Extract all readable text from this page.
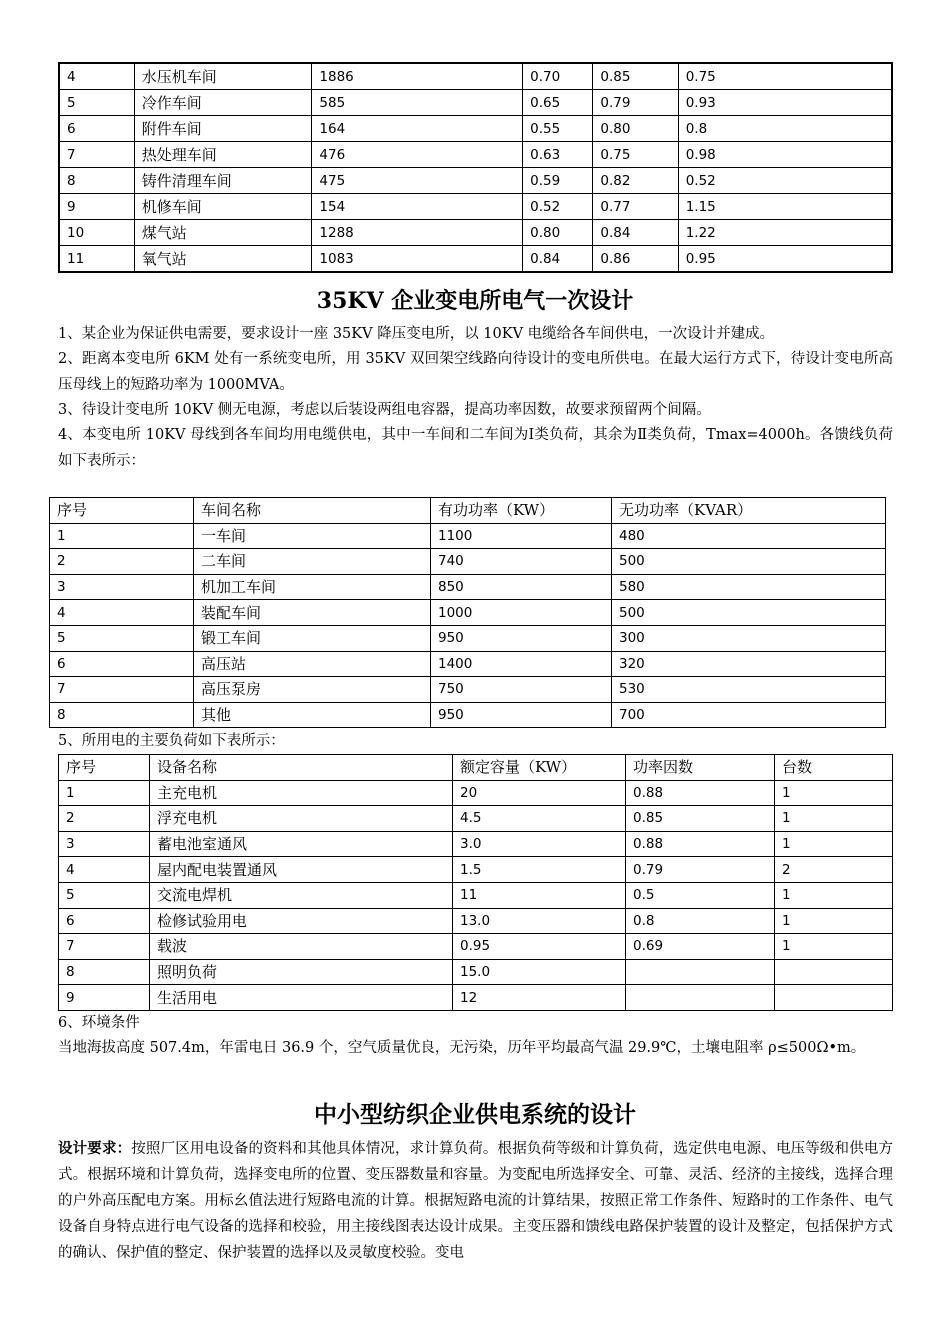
4	水压机车间	1886	0.70	0.85	0.75
5	冷作车间	585	0.65	0.79	0.93
6	附件车间	164	0.55	0.80	0.8
7	热处理车间	476	0.63	0.75	0.98
8	铸件清理车间	475	0.59	0.82	0.52
9	机修车间	154	0.52	0.77	1.15
10	煤气站	1288	0.80	0.84	1.22
11	氧气站	1083	0.84	0.86	0.95
35KV 企业变电所电气一次设计
1、某企业为保证供电需要，要求设计一座 35KV 降压变电所，以 10KV 电缆给各车间供电，一次设计并建成。
2、距离本变电所 6KM 处有一系统变电所，用 35KV 双回架空线路向待设计的变电所供电。在最大运行方式下，待设计变电所高压母线上的短路功率为 1000MVA。
3、待设计变电所 10KV 侧无电源，考虑以后装设两组电容器，提高功率因数，故要求预留两个间隔。
4、本变电所 10KV 母线到各车间均用电缆供电，其中一车间和二车间为Ⅰ类负荷，其余为Ⅱ类负荷，Tmax=4000h。各馈线负荷如下表所示：
序号	车间名称	有功功率（KW）	无功功率（KVAR）
1	一车间	1100	480
2	二车间	740	500
3	机加工车间	850	580
4	装配车间	1000	500
5	锻工车间	950	300
6	高压站	1400	320
7	高压泵房	750	530
8	其他	950	700
5、所用电的主要负荷如下表所示：
序号	设备名称	额定容量（KW）	功率因数	台数
1	主充电机	20	0.88	1
2	浮充电机	4.5	0.85	1
3	蓄电池室通风	3.0	0.88	1
4	屋内配电装置通风	1.5	0.79	2
5	交流电焊机	11	0.5	1
6	检修试验用电	13.0	0.8	1
7	载波	0.95	0.69	1
8	照明负荷	15.0		
9	生活用电	12		
6、环境条件
当地海拔高度 507.4m，年雷电日 36.9 个，空气质量优良，无污染，历年平均最高气温 29.9℃，土壤电阻率 ρ≤500Ω•m。
中小型纺织企业供电系统的设计
设计要求：按照厂区用电设备的资料和其他具体情况，求计算负荷。根据负荷等级和计算负荷，选定供电电源、电压等级和供电方式。根据环境和计算负荷，选择变电所的位置、变压器数量和容量。为变配电所选择安全、可靠、灵活、经济的主接线，选择合理的户外高压配电方案。用标幺值法进行短路电流的计算。根据短路电流的计算结果，按照正常工作条件、短路时的工作条件、电气设备自身特点进行电气设备的选择和校验，用主接线图表达设计成果。主变压器和馈线电路保护装置的设计及整定，包括保护方式的确认、保护值的整定、保护装置的选择以及灵敏度校验。变电
